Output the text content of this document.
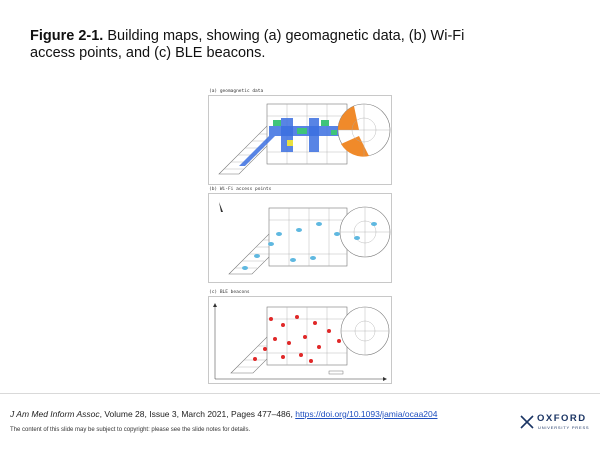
Figure 2-1. Building maps, showing (a) geomagnetic data, (b) Wi-Fi access points, and (c) BLE beacons.
(a) geomagnetic data
(b) Wi-Fi access points
(c) BLE beacons
J Am Med Inform Assoc, Volume 28, Issue 3, March 2021, Pages 477–486, https://doi.org/10.1093/jamia/ocaa204
The content of this slide may be subject to copyright: please see the slide notes for details.
OXFORD
UNIVERSITY PRESS
